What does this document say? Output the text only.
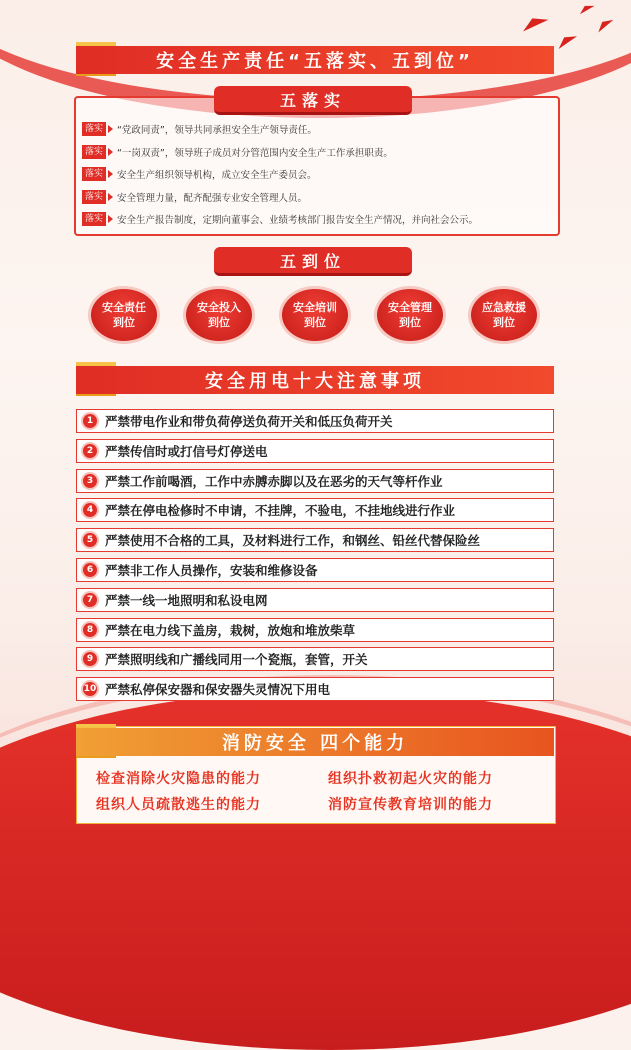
安全生产责任“五落实、五到位”
五落实
落实	“党政同责”，领导共同承担安全生产领导责任。
落实	“一岗双责”，领导班子成员对分管范围内安全生产工作承担职责。
落实	安全生产组织领导机构，成立安全生产委员会。
落实	安全管理力量，配齐配强专业安全管理人员。
落实	安全生产报告制度，定期向董事会、业绩考核部门报告安全生产情况，并向社会公示。
五到位
安全责任
到位
安全投入
到位
安全培训
到位
安全管理
到位
应急救援
到位
安全用电十大注意事项
1 严禁带电作业和带负荷停送负荷开关和低压负荷开关
2 严禁传信时或打信号灯停送电
3 严禁工作前喝酒，工作中赤膊赤脚以及在恶劣的天气等杆作业
4 严禁在停电检修时不申请，不挂牌，不验电，不挂地线进行作业
5 严禁使用不合格的工具，及材料进行工作，和钢丝、铅丝代替保险丝
6 严禁非工作人员操作，安装和维修设备
7 严禁一线一地照明和私设电网
8 严禁在电力线下盖房，栽树，放炮和堆放柴草
9 严禁照明线和广播线同用一个瓷瓶，套管，开关
10 严禁私停保安器和保安器失灵情况下用电
消防安全 四个能力
检查消除火灾隐患的能力	组织扑救初起火灾的能力
组织人员疏散逃生的能力	消防宣传教育培训的能力
